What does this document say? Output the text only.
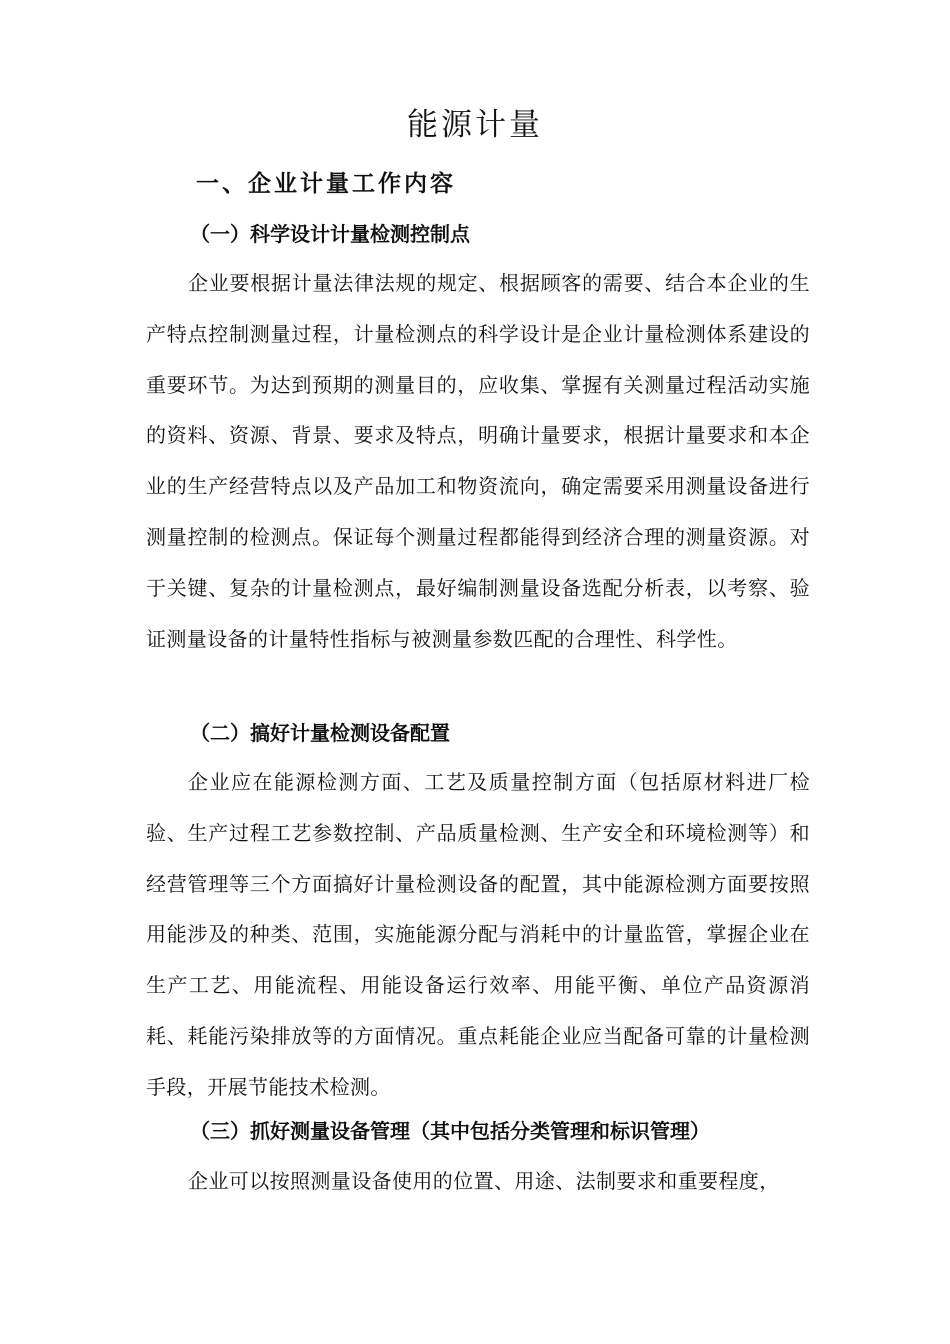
能源计量
一、企业计量工作内容
（一）科学设计计量检测控制点

企业要根据计量法律法规的规定、根据顾客的需要、结合本企业的生产特点控制测量过程，计量检测点的科学设计是企业计量检测体系建设的重要环节。为达到预期的测量目的，应收集、掌握有关测量过程活动实施的资料、资源、背景、要求及特点，明确计量要求，根据计量要求和本企业的生产经营特点以及产品加工和物资流向，确定需要采用测量设备进行测量控制的检测点。保证每个测量过程都能得到经济合理的测量资源。对于关键、复杂的计量检测点，最好编制测量设备选配分析表，以考察、验证测量设备的计量特性指标与被测量参数匹配的合理性、科学性。

（二）搞好计量检测设备配置

企业应在能源检测方面、工艺及质量控制方面（包括原材料进厂检验、生产过程工艺参数控制、产品质量检测、生产安全和环境检测等）和经营管理等三个方面搞好计量检测设备的配置，其中能源检测方面要按照用能涉及的种类、范围，实施能源分配与消耗中的计量监管，掌握企业在生产工艺、用能流程、用能设备运行效率、用能平衡、单位产品资源消耗、耗能污染排放等的方面情况。重点耗能企业应当配备可靠的计量检测手段，开展节能技术检测。

（三）抓好测量设备管理（其中包括分类管理和标识管理）

企业可以按照测量设备使用的位置、用途、法制要求和重要程度，
